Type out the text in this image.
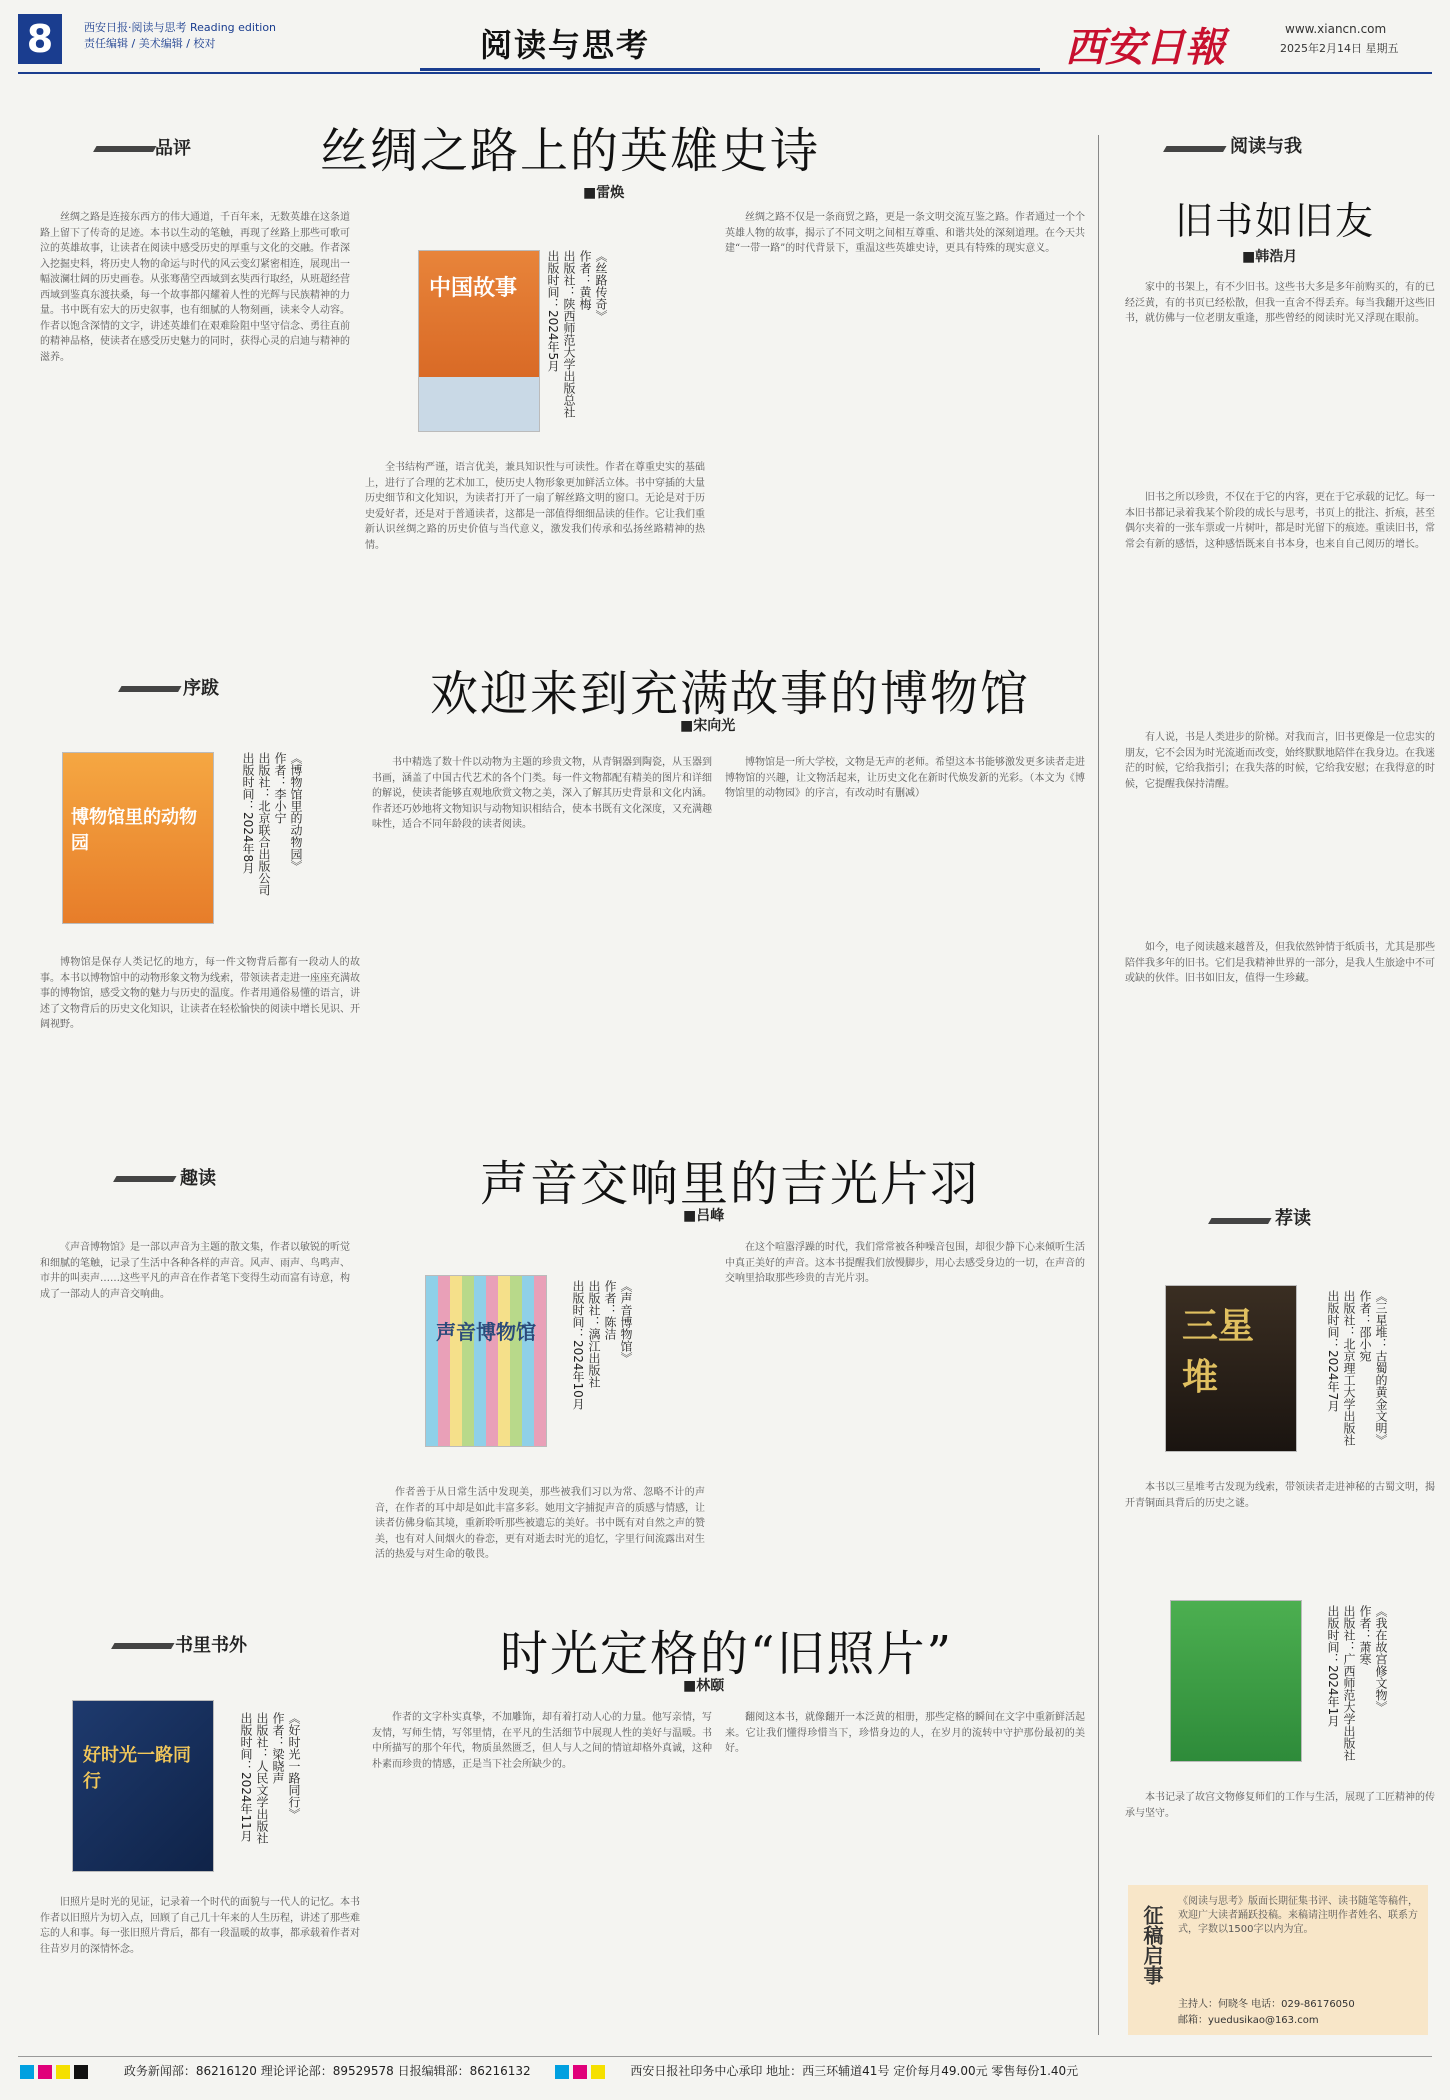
8	西安日报·阅读与思考 Reading edition
责任编辑 / 美术编辑 / 校对	阅读与思考	西安日報	www.xiancn.com
2025年2月14日 星期五
品评	丝绸之路上的英雄史诗
■雷焕
丝绸之路是连接东西方的伟大通道，千百年来，无数英雄在这条道路上留下了传奇的足迹。本书以生动的笔触，再现了丝路上那些可歌可泣的英雄故事，让读者在阅读中感受历史的厚重与文化的交融。作者深入挖掘史料，将历史人物的命运与时代的风云变幻紧密相连，展现出一幅波澜壮阔的历史画卷。从张骞凿空西域到玄奘西行取经，从班超经营西域到鉴真东渡扶桑，每一个故事都闪耀着人性的光辉与民族精神的力量。书中既有宏大的历史叙事，也有细腻的人物刻画，读来令人动容。作者以饱含深情的文字，讲述英雄们在艰难险阻中坚守信念、勇往直前的精神品格，使读者在感受历史魅力的同时，获得心灵的启迪与精神的滋养。
中国故事	《丝路传奇》
作者：黄梅
出版社：陕西师范大学出版总社
出版时间：2024年5月
全书结构严谨，语言优美，兼具知识性与可读性。作者在尊重史实的基础上，进行了合理的艺术加工，使历史人物形象更加鲜活立体。书中穿插的大量历史细节和文化知识，为读者打开了一扇了解丝路文明的窗口。无论是对于历史爱好者，还是对于普通读者，这都是一部值得细细品读的佳作。它让我们重新认识丝绸之路的历史价值与当代意义，激发我们传承和弘扬丝路精神的热情。
丝绸之路不仅是一条商贸之路，更是一条文明交流互鉴之路。作者通过一个个英雄人物的故事，揭示了不同文明之间相互尊重、和谐共处的深刻道理。在今天共建“一带一路”的时代背景下，重温这些英雄史诗，更具有特殊的现实意义。
序跋	欢迎来到充满故事的博物馆
■宋向光
博物馆里的动物园	《博物馆里的动物园》
作者：李小宁
出版社：北京联合出版公司
出版时间：2024年8月
博物馆是保存人类记忆的地方，每一件文物背后都有一段动人的故事。本书以博物馆中的动物形象文物为线索，带领读者走进一座座充满故事的博物馆，感受文物的魅力与历史的温度。作者用通俗易懂的语言，讲述了文物背后的历史文化知识，让读者在轻松愉快的阅读中增长见识、开阔视野。
书中精选了数十件以动物为主题的珍贵文物，从青铜器到陶瓷，从玉器到书画，涵盖了中国古代艺术的各个门类。每一件文物都配有精美的图片和详细的解说，使读者能够直观地欣赏文物之美，深入了解其历史背景和文化内涵。作者还巧妙地将文物知识与动物知识相结合，使本书既有文化深度，又充满趣味性，适合不同年龄段的读者阅读。
博物馆是一所大学校，文物是无声的老师。希望这本书能够激发更多读者走进博物馆的兴趣，让文物活起来，让历史文化在新时代焕发新的光彩。（本文为《博物馆里的动物园》的序言，有改动时有删减）
趣读	声音交响里的吉光片羽
■吕峰
《声音博物馆》是一部以声音为主题的散文集，作者以敏锐的听觉和细腻的笔触，记录了生活中各种各样的声音。风声、雨声、鸟鸣声、市井的叫卖声……这些平凡的声音在作者笔下变得生动而富有诗意，构成了一部动人的声音交响曲。
声音博物馆	《声音博物馆》
作者：陈洁
出版社：漓江出版社
出版时间：2024年10月
作者善于从日常生活中发现美，那些被我们习以为常、忽略不计的声音，在作者的耳中却是如此丰富多彩。她用文字捕捉声音的质感与情感，让读者仿佛身临其境，重新聆听那些被遗忘的美好。书中既有对自然之声的赞美，也有对人间烟火的眷恋，更有对逝去时光的追忆，字里行间流露出对生活的热爱与对生命的敬畏。
在这个喧嚣浮躁的时代，我们常常被各种噪音包围，却很少静下心来倾听生活中真正美好的声音。这本书提醒我们放慢脚步，用心去感受身边的一切，在声音的交响里拾取那些珍贵的吉光片羽。
书里书外	时光定格的“旧照片”
■林颐
好时光一路同行	《好时光一路同行》
作者：梁晓声
出版社：人民文学出版社
出版时间：2024年11月
旧照片是时光的见证，记录着一个时代的面貌与一代人的记忆。本书作者以旧照片为切入点，回顾了自己几十年来的人生历程，讲述了那些难忘的人和事。每一张旧照片背后，都有一段温暖的故事，都承载着作者对往昔岁月的深情怀念。
作者的文字朴实真挚，不加雕饰，却有着打动人心的力量。他写亲情，写友情，写师生情，写邻里情，在平凡的生活细节中展现人性的美好与温暖。书中所描写的那个年代，物质虽然匮乏，但人与人之间的情谊却格外真诚，这种朴素而珍贵的情感，正是当下社会所缺少的。
翻阅这本书，就像翻开一本泛黄的相册，那些定格的瞬间在文字中重新鲜活起来。它让我们懂得珍惜当下，珍惜身边的人，在岁月的流转中守护那份最初的美好。
阅读与我
旧书如旧友
■韩浩月
家中的书架上，有不少旧书。这些书大多是多年前购买的，有的已经泛黄，有的书页已经松散，但我一直舍不得丢弃。每当我翻开这些旧书，就仿佛与一位老朋友重逢，那些曾经的阅读时光又浮现在眼前。
旧书之所以珍贵，不仅在于它的内容，更在于它承载的记忆。每一本旧书都记录着我某个阶段的成长与思考，书页上的批注、折痕，甚至偶尔夹着的一张车票或一片树叶，都是时光留下的痕迹。重读旧书，常常会有新的感悟，这种感悟既来自书本身，也来自自己阅历的增长。
有人说，书是人类进步的阶梯。对我而言，旧书更像是一位忠实的朋友，它不会因为时光流逝而改变，始终默默地陪伴在我身边。在我迷茫的时候，它给我指引；在我失落的时候，它给我安慰；在我得意的时候，它提醒我保持清醒。
如今，电子阅读越来越普及，但我依然钟情于纸质书，尤其是那些陪伴我多年的旧书。它们是我精神世界的一部分，是我人生旅途中不可或缺的伙伴。旧书如旧友，值得一生珍藏。
荐读
三星堆	《三星堆：古蜀的黄金文明》
作者：邵小宛
出版社：北京理工大学出版社
出版时间：2024年7月
本书以三星堆考古发现为线索，带领读者走进神秘的古蜀文明，揭开青铜面具背后的历史之谜。
《我在故宫修文物》
作者：萧寒
出版社：广西师范大学出版社
出版时间：2024年1月
本书记录了故宫文物修复师们的工作与生活，展现了工匠精神的传承与坚守。
征稿启事
《阅读与思考》版面长期征集书评、读书随笔等稿件，欢迎广大读者踊跃投稿。来稿请注明作者姓名、联系方式，字数以1500字以内为宜。
主持人：何晓冬 电话：029-86176050
邮箱：yuedusikao@163.com
政务新闻部：86216120 理论评论部：89529578 日报编辑部：86216132	西安日报社印务中心承印 地址：西三环辅道41号 定价每月49.00元 零售每份1.40元
